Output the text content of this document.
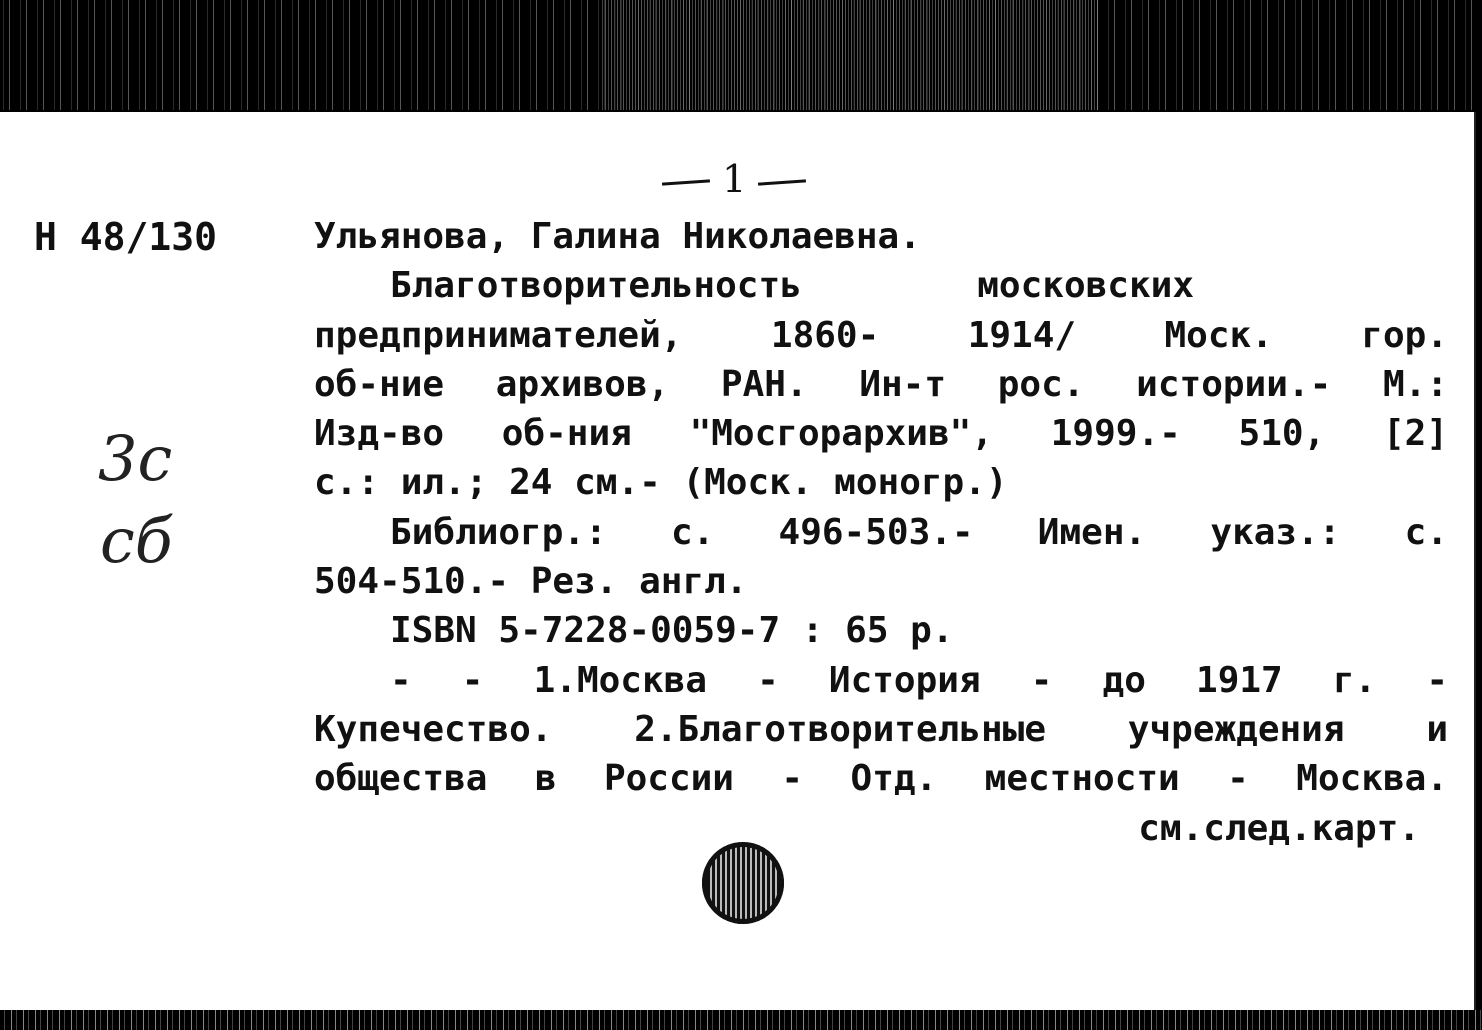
1
Н 48/130
3с
сб
Ульянова, Галина Николаевна.
Благотворительность московских
предпринимателей, 1860- 1914/ Моск. гор.
об-ние архивов, РАН. Ин-т рос. истории.- М.:
Изд-во об-ния "Мосгорархив", 1999.- 510, [2]
с.: ил.; 24 см.- (Моск. моногр.)
Библиогр.: с. 496-503.- Имен. указ.: с.
504-510.- Рез. англ.
ISBN 5-7228-0059-7 : 65 р.
- - 1.Москва - История - до 1917 г. -
Купечество. 2.Благотворительные учреждения и
общества в России - Отд. местности - Москва.
см.след.карт.
